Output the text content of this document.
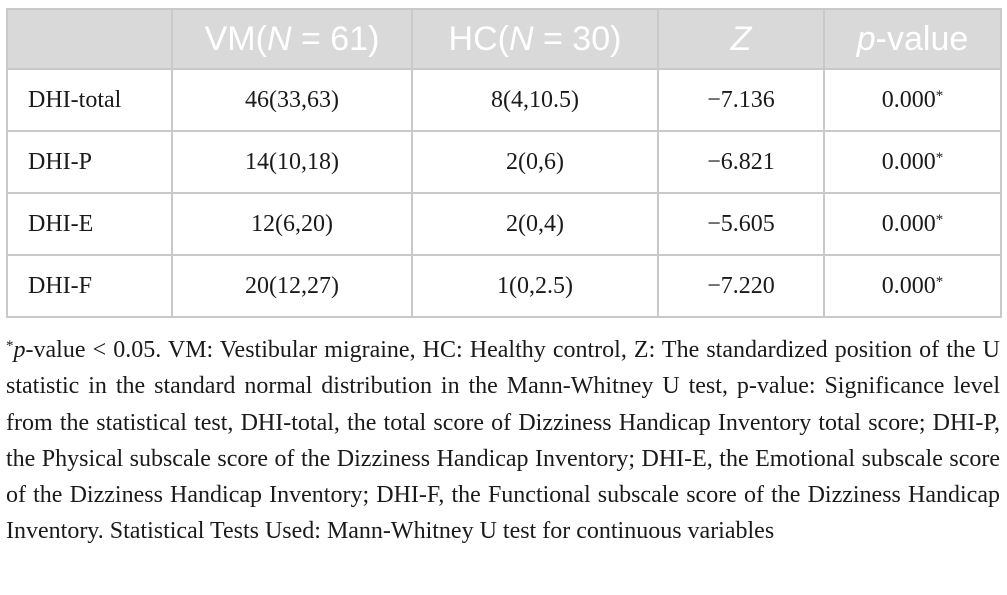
	VM(N = 61)	HC(N = 30)	Z	p-value
DHI-total	46(33,63)	8(4,10.5)	−7.136	0.000*
DHI-P	14(10,18)	2(0,6)	−6.821	0.000*
DHI-E	12(6,20)	2(0,4)	−5.605	0.000*
DHI-F	20(12,27)	1(0,2.5)	−7.220	0.000*
*p-value < 0.05. VM: Vestibular migraine, HC: Healthy control, Z: The standardized position of the U statistic in the standard normal distribution in the Mann-Whitney U test, p-value: Significance level from the statistical test, DHI-total, the total score of Dizziness Handicap Inventory total score; DHI-P, the Physical subscale score of the Dizziness Handicap Inventory; DHI-E, the Emotional subscale score of the Dizziness Handicap Inventory; DHI-F, the Functional subscale score of the Dizziness Handicap Inventory. Statistical Tests Used: Mann-Whitney U test for continuous variables
